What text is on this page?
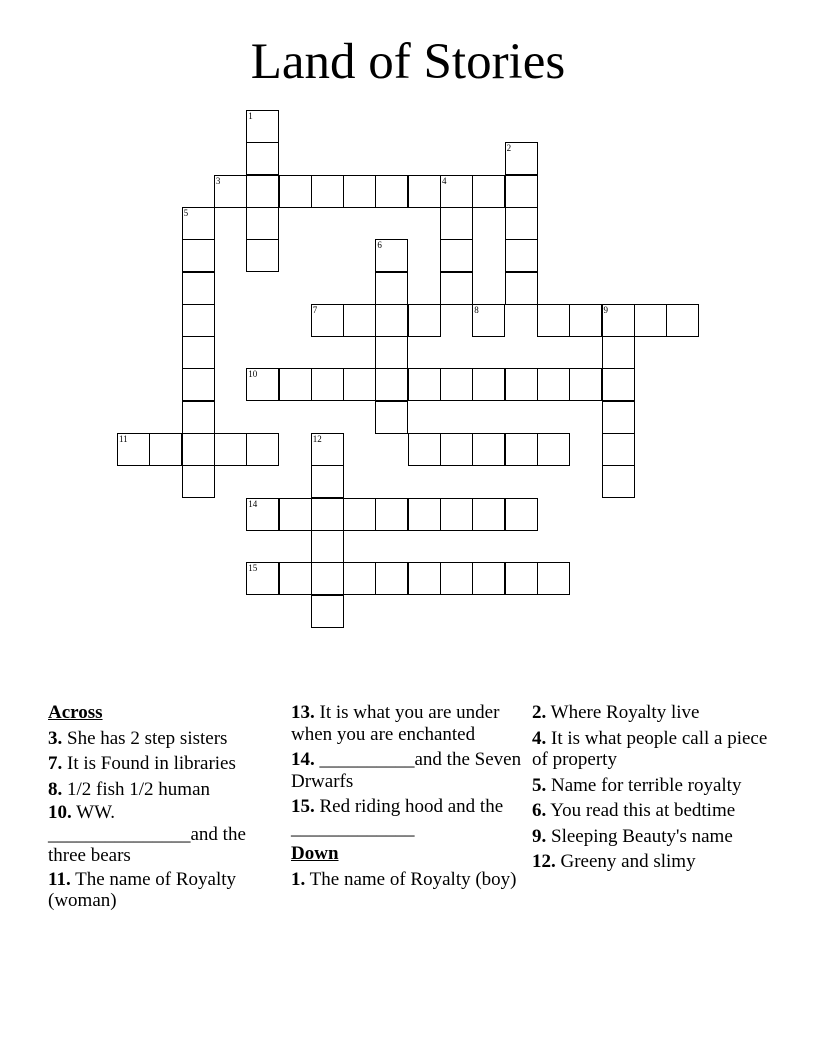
Land of Stories
1
2
3	4
5
6
7	8	9
10
11	12
14
15
Across
3. She has 2 step sisters
7. It is Found in libraries
8. 1/2 fish 1/2 human
10. WW. _______________and the three bears
11. The name of Royalty (woman)
13. It is what you are under when you are enchanted
14. __________and the Seven Drwarfs
15. Red riding hood and the _____________
Down
1. The name of Royalty (boy)
2. Where Royalty live
4. It is what people call a piece of property
5. Name for terrible royalty
6. You read this at bedtime
9. Sleeping Beauty's name
12. Greeny and slimy
